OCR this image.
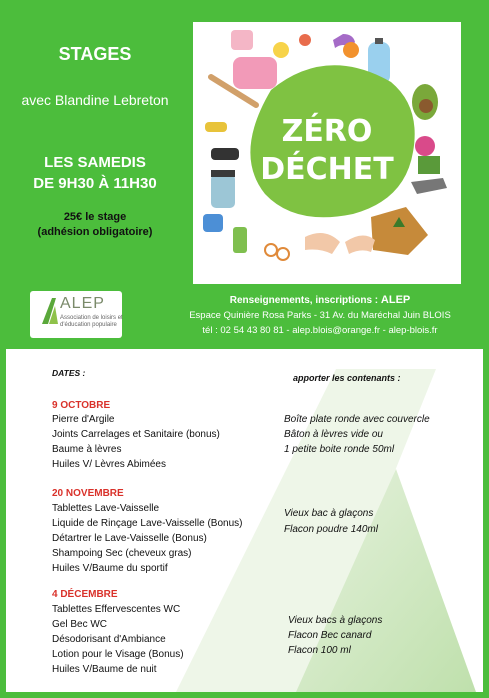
STAGES
avec Blandine Lebreton
LES SAMEDIS
DE 9H30 À 11H30
25€ le stage
(adhésion obligatoire)
ZÉRO
DÉCHET
ALEP
Association de loisirs et
d'éducation populaire
Renseignements, inscriptions : ALEP
Espace Quinière Rosa Parks - 31 Av. du Maréchal Juin BLOIS
tél : 02 54 43 80 81 - alep.blois@orange.fr - alep-blois.fr
DATES :	apporter les contenants :
9 OCTOBRE
Pierre d'Argile
Joints Carrelages et Sanitaire (bonus)
Baume à lèvres
Huiles V/ Lèvres Abimées
Boîte plate ronde avec couvercle
Bâton à lèvres vide ou
1 petite boite ronde 50ml
20 NOVEMBRE
Tablettes Lave-Vaisselle
Liquide de Rinçage Lave-Vaisselle (Bonus)
Détartrer le Lave-Vaisselle (Bonus)
Shampoing Sec (cheveux gras)
Huiles V/Baume du sportif
Vieux bac à glaçons
Flacon poudre 140ml
4 DÉCEMBRE
Tablettes Effervescentes WC
Gel Bec WC
Désodorisant d'Ambiance
Lotion pour le Visage (Bonus)
Huiles V/Baume de nuit
Vieux bacs à glaçons
Flacon Bec canard
Flacon 100 ml
